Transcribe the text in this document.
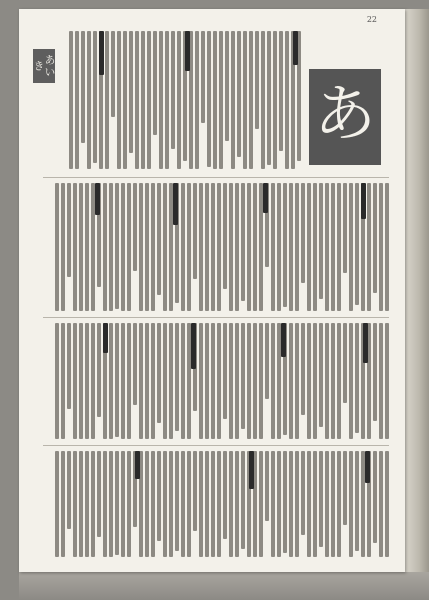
22
あいき
あ
